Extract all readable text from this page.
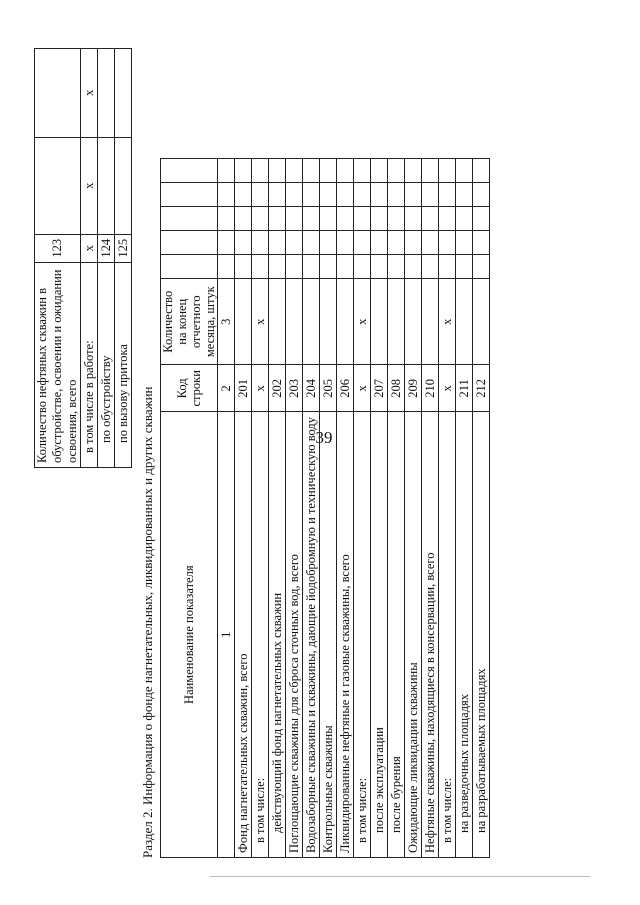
39
Количество нефтяных скважин в обустройстве, освоении и ожидании освоения, всего	123		
в том числе в работе:	x	x	x
по обустройству	124		
по вызову притока	125		
Раздел 2. Информация о фонде нагнетательных, ликвидированных и других скважин Наименование показателя	Код строки	Количество на конец отчетного месяца, штук					
1	2	3					
Фонд нагнетательных скважин, всего	201						
в том числе:	x	x					
действующий фонд нагнетательных скважин	202						
Поглощающие скважины для сброса сточных вод, всего	203						
Водозаборные скважины и скважины, дающие йодобромную и техническую воду	204						
Контрольные скважины	205						
Ликвидированные нефтяные и газовые скважины, всего	206						
в том числе:	x	x					
после эксплуатации	207						
после бурения	208						
Ожидающие ликвидации скважины	209						
Нефтяные скважины, находящиеся в консервации, всего	210						
в том числе:	x	x					
на разведочных площадях	211						
на разрабатываемых площадях	212						
